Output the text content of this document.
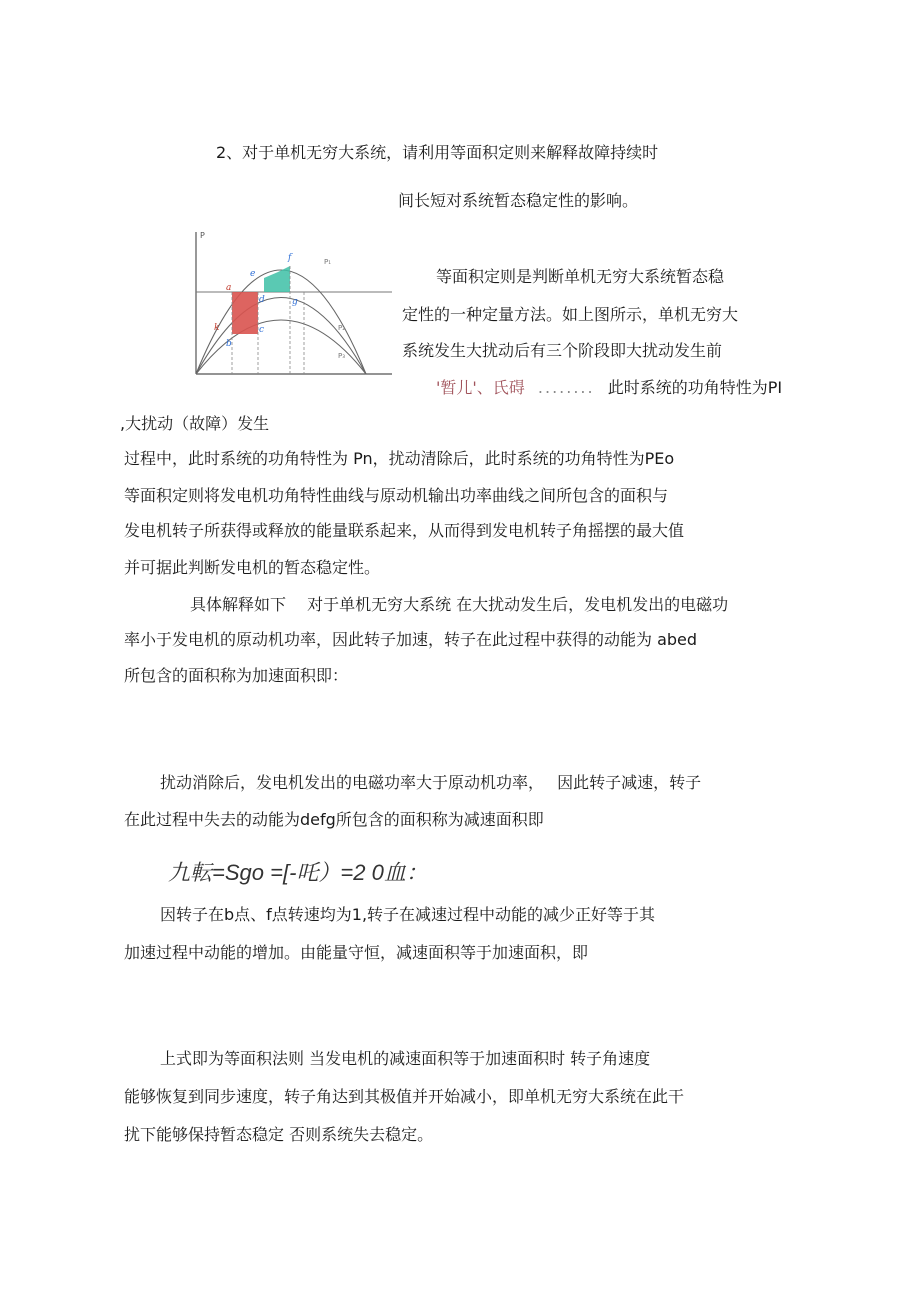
2、对于单机无穷大系统，请利用等面积定则来解释故障持续时
间长短对系统暂态稳定性的影响。
P
P₁
P₂
P₃
a
b
c
d
e
f
g
k
等面积定则是判断单机无穷大系统暂态稳
定性的一种定量方法。如上图所示，单机无穷大
系统发生大扰动后有三个阶段即大扰动发生前
'暂儿'、氏碍 ........ 此时系统的功角特性为PI
,大扰动（故障）发生
过程中，此时系统的功角特性为 Pn，扰动清除后，此时系统的功角特性为PEo
等面积定则将发电机功角特性曲线与原动机输出功率曲线之间所包含的面积与
发电机转子所获得或释放的能量联系起来，从而得到发电机转子角摇摆的最大值
并可据此判断发电机的暂态稳定性。
具体解释如下　 对于单机无穷大系统 在大扰动发生后，发电机发出的电磁功
率小于发电机的原动机功率，因此转子加速，转子在此过程中获得的动能为 abed
所包含的面积称为加速面积即：
扰动消除后，发电机发出的电磁功率大于原动机功率，　 因此转子减速，转子
在此过程中失去的动能为defg所包含的面积称为减速面积即
九転=Sgo =[-吒）=2 0血：
因转子在b点、f点转速均为1,转子在减速过程中动能的减少正好等于其
加速过程中动能的增加。由能量守恒，减速面积等于加速面积，即
上式即为等面积法则 当发电机的减速面积等于加速面积时 转子角速度
能够恢复到同步速度，转子角达到其极值并开始减小，即单机无穷大系统在此干
扰下能够保持暂态稳定 否则系统失去稳定。
